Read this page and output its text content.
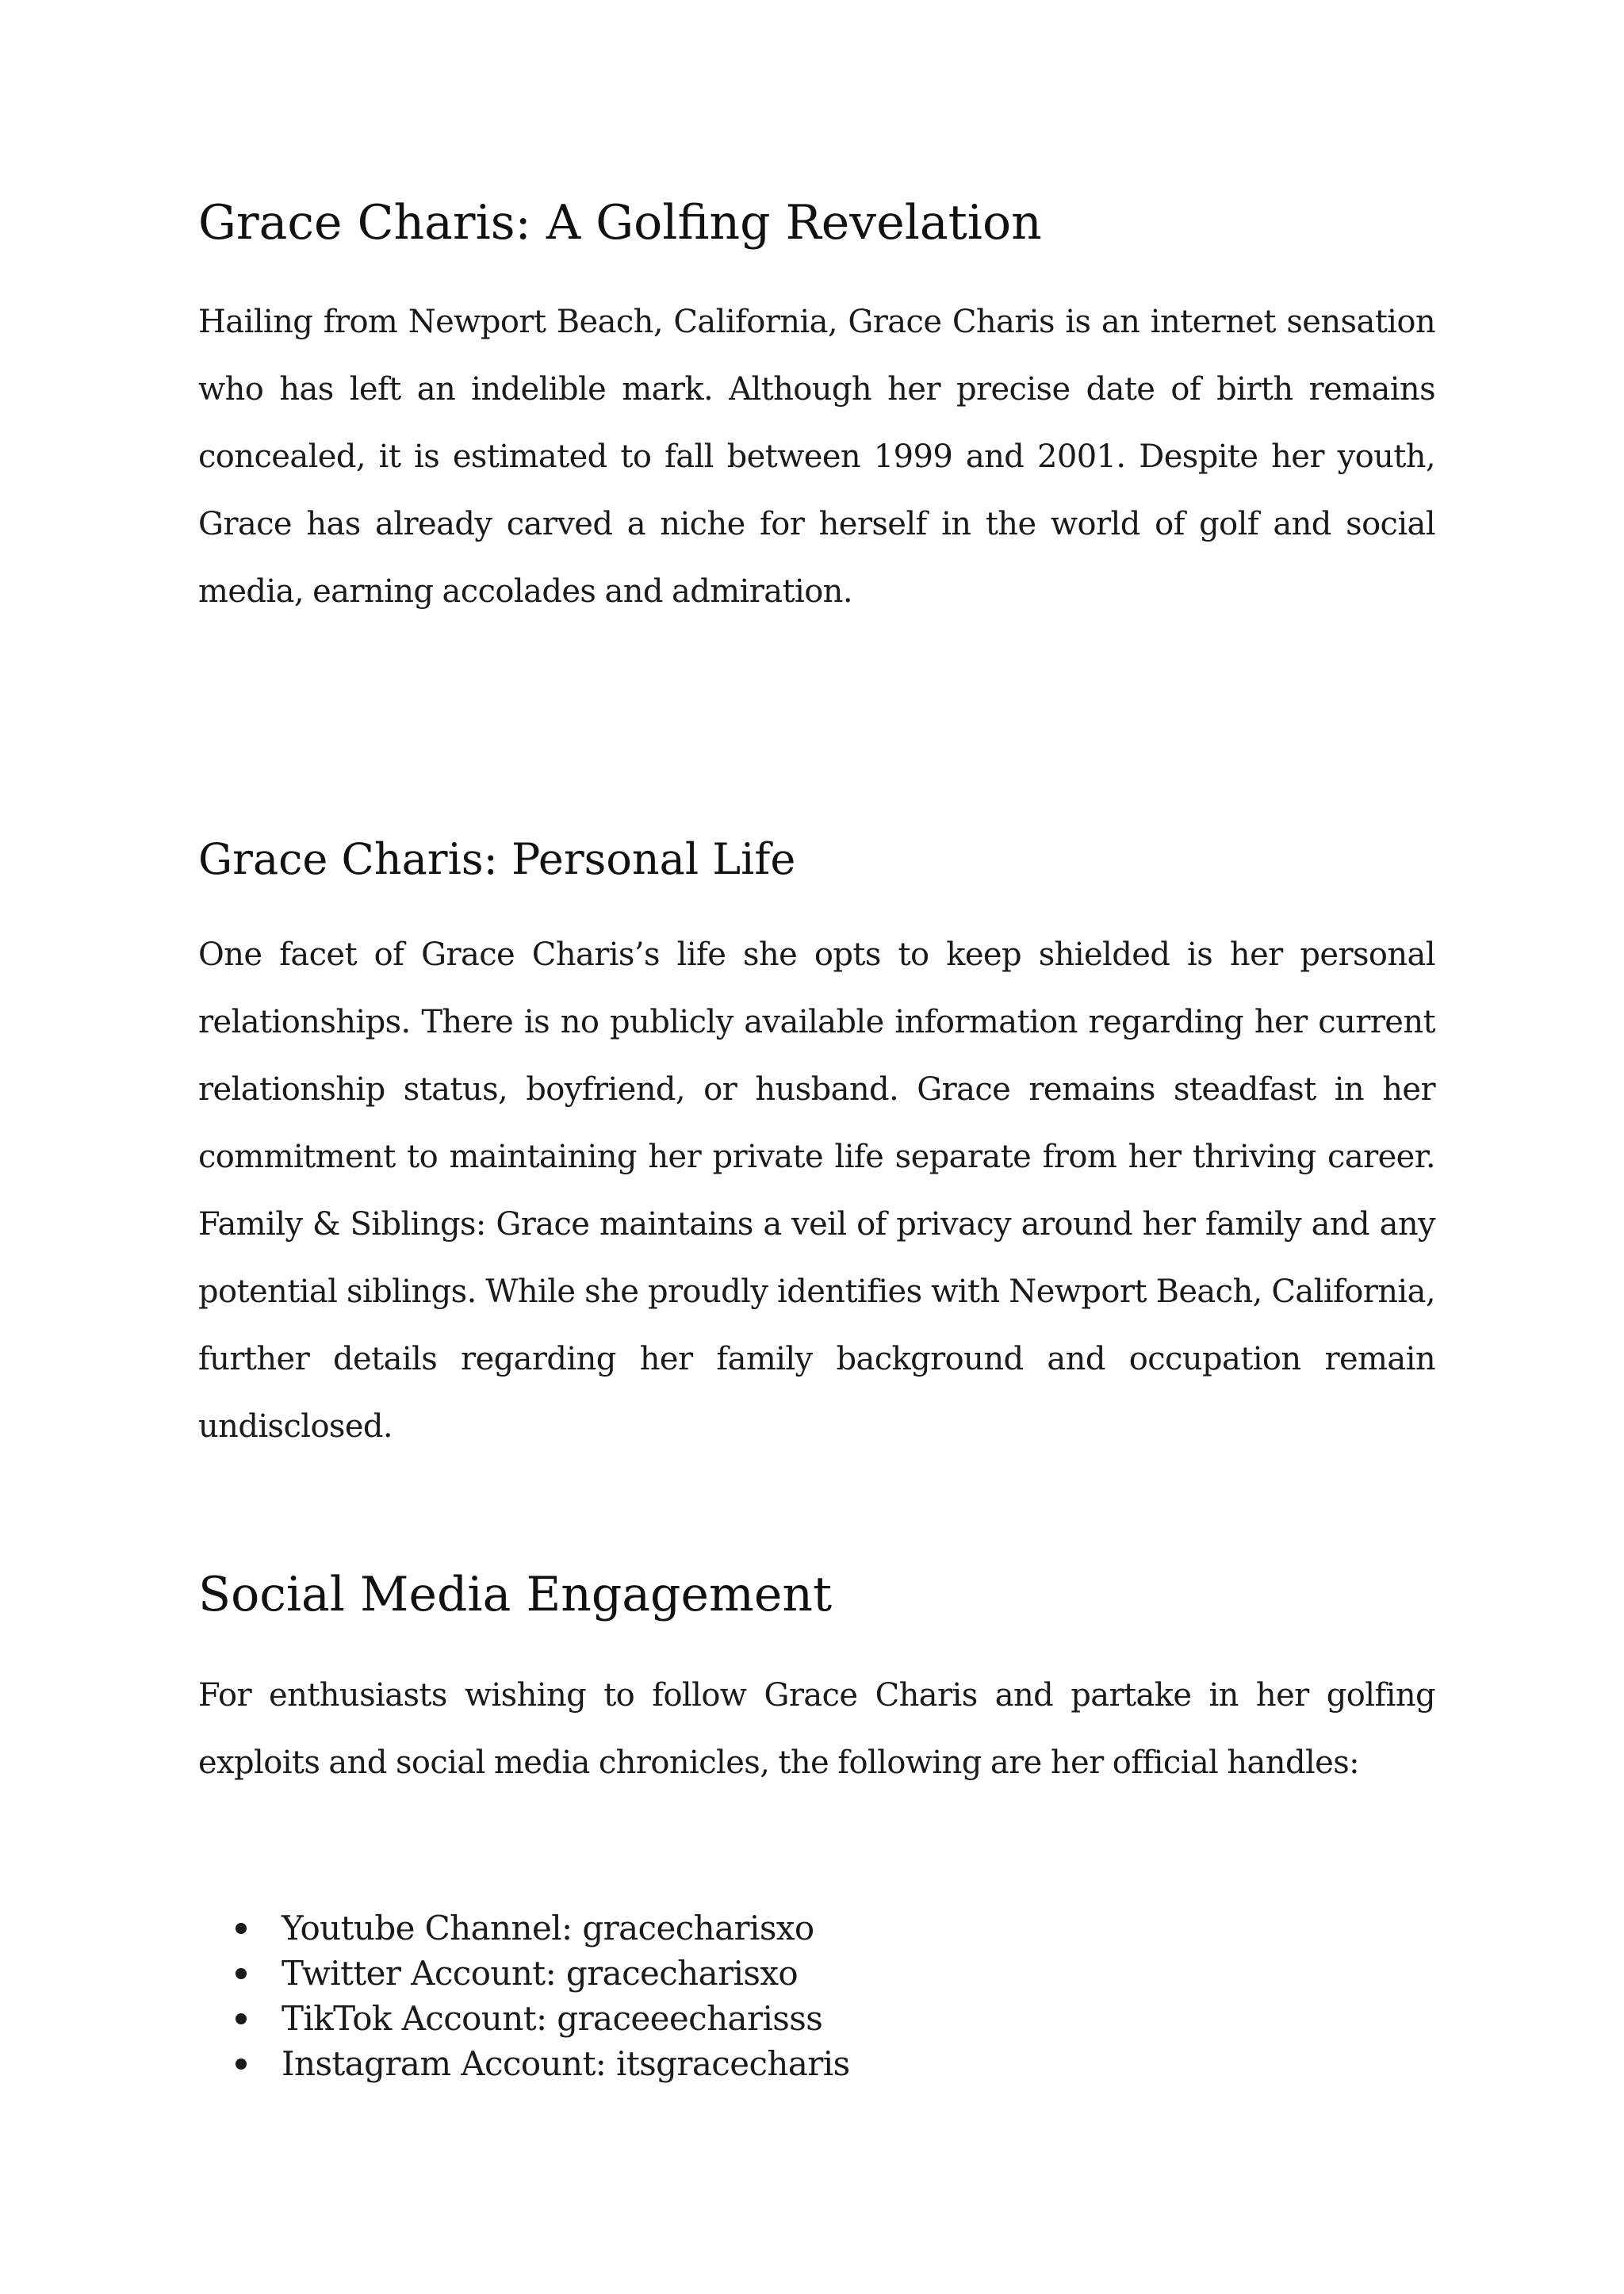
Grace Charis: A Golfing Revelation

Hailing from Newport Beach, California, Grace Charis is an internet sensation who has left an indelible mark. Although her precise date of birth remains concealed, it is estimated to fall between 1999 and 2001. Despite her youth, Grace has already carved a niche for herself in the world of golf and social media, earning accolades and admiration.

Grace Charis: Personal Life

One facet of Grace Charis’s life she opts to keep shielded is her personal relationships. There is no publicly available information regarding her current relationship status, boyfriend, or husband. Grace remains steadfast in her commitment to maintaining her private life separate from her thriving career. Family & Siblings: Grace maintains a veil of privacy around her family and any potential siblings. While she proudly identifies with Newport Beach, California, further details regarding her family background and occupation remain undisclosed.

Social Media Engagement

For enthusiasts wishing to follow Grace Charis and partake in her golfing exploits and social media chronicles, the following are her official handles:

Youtube Channel: gracecharisxo
Twitter Account: gracecharisxo
TikTok Account: graceeecharisss
Instagram Account: itsgracecharis
